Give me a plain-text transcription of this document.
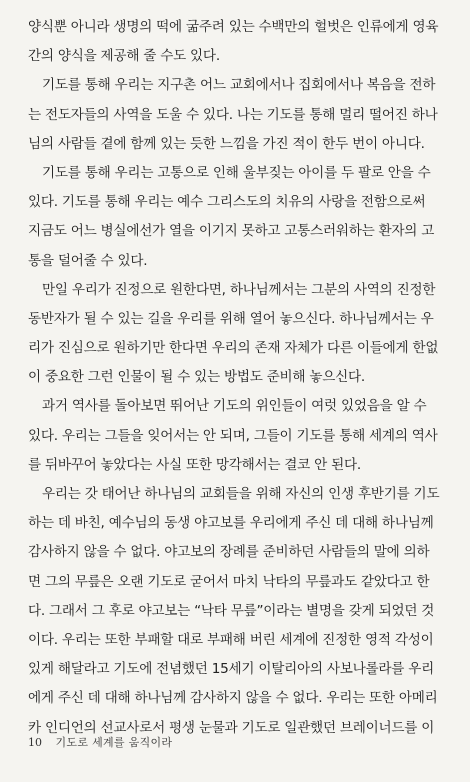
양식뿐 아니라 생명의 떡에 굶주려 있는 수백만의 헐벗은 인류에게 영육
간의 양식을 제공해 줄 수도 있다.
기도를 통해 우리는 지구촌 어느 교회에서나 집회에서나 복음을 전하
는 전도자들의 사역을 도울 수 있다. 나는 기도를 통해 멀리 떨어진 하나
님의 사람들 곁에 함께 있는 듯한 느낌을 가진 적이 한두 번이 아니다.
기도를 통해 우리는 고통으로 인해 울부짖는 아이를 두 팔로 안을 수
있다. 기도를 통해 우리는 예수 그리스도의 치유의 사랑을 전함으로써
지금도 어느 병실에선가 열을 이기지 못하고 고통스러워하는 환자의 고
통을 덜어줄 수 있다.
만일 우리가 진정으로 원한다면, 하나님께서는 그분의 사역의 진정한
동반자가 될 수 있는 길을 우리를 위해 열어 놓으신다. 하나님께서는 우
리가 진심으로 원하기만 한다면 우리의 존재 자체가 다른 이들에게 한없
이 중요한 그런 인물이 될 수 있는 방법도 준비해 놓으신다.
과거 역사를 돌아보면 뛰어난 기도의 위인들이 여럿 있었음을 알 수
있다. 우리는 그들을 잊어서는 안 되며, 그들이 기도를 통해 세계의 역사
를 뒤바꾸어 놓았다는 사실 또한 망각해서는 결코 안 된다.
우리는 갓 태어난 하나님의 교회들을 위해 자신의 인생 후반기를 기도
하는 데 바친, 예수님의 동생 야고보를 우리에게 주신 데 대해 하나님께
감사하지 않을 수 없다. 야고보의 장례를 준비하던 사람들의 말에 의하
면 그의 무릎은 오랜 기도로 굳어서 마치 낙타의 무릎과도 같았다고 한
다. 그래서 그 후로 야고보는 “낙타 무릎”이라는 별명을 갖게 되었던 것
이다. 우리는 또한 부패할 대로 부패해 버린 세계에 진정한 영적 각성이
있게 해달라고 기도에 전념했던 15세기 이탈리아의 사보나롤라를 우리
에게 주신 데 대해 하나님께 감사하지 않을 수 없다. 우리는 또한 아메리
카 인디언의 선교사로서 평생 눈물과 기도로 일관했던 브레이너드를 이
10 기도로 세계를 움직이라
